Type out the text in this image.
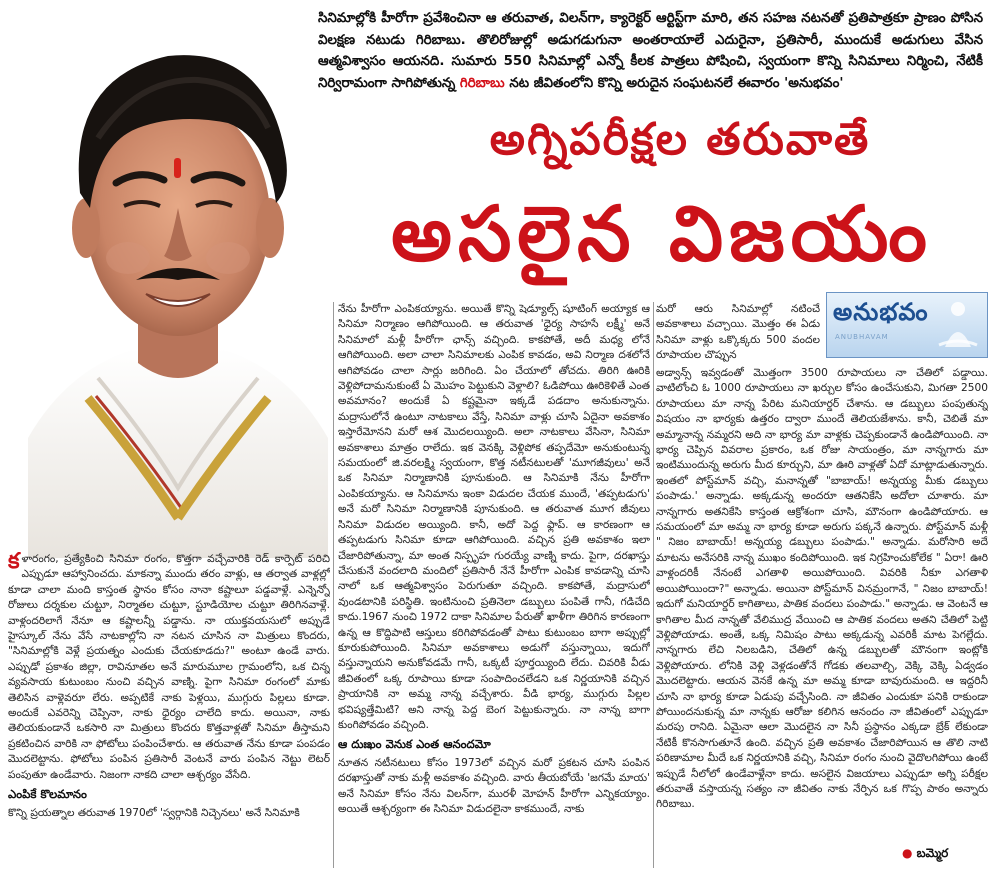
సినిమాల్లోకి హీరోగా ప్రవేశించినా ఆ తరువాత, విలన్‌గా, క్యారెక్టర్ ఆర్టిస్ట్‌గా మారి, తన సహజ నటనతో ప్రతిపాత్రకూ ప్రాణం పోసిన విలక్షణ నటుడు గిరిబాబు. తొలిరోజుల్లో అడుగడుగునా అంతరాయాలే ఎదురైనా, ప్రతిసారీ, ముందుకే అడుగులు వేసిన ఆత్మవిశ్వాసం ఆయనది. సుమారు 550 సినిమాల్లో ఎన్నో కీలక పాత్రలు పోషించి, స్వయంగా కొన్ని సినిమాలు నిర్మించి, నేటికీ నిర్విరామంగా సాగిపోతున్న గిరిబాబు నట జీవితంలోని కొన్ని అరుదైన సంఘటనలే ఈవారం 'అనుభవం'
అగ్నిపరీక్షల తరువాతే
అసలైన విజయం

కళారంగం, ప్రత్యేకించి సినిమా రంగం, కొత్తగా వచ్చేవారికి రెడ్ కార్పెట్ పరిచి ఎప్పుడూ ఆహ్వానించదు. మాకన్నా ముందు తరం వాళ్లు, ఆ తర్వాత వాళ్లల్లో కూడా చాలా మంది కాస్తంత స్థానం కోసం నానా కష్టాలూ పడ్డవాళ్లే. ఎన్నెన్నో రోజులు దర్శకుల చుట్టూ, నిర్మాతల చుట్టూ, స్టూడియోల చుట్టూ తిరిగినవాళ్లే. వాళ్లందరిలాగే నేనూ ఆ కష్టాలన్నీ పడ్డాను. నా యుక్తవయసులో అప్పుడే హైస్కూల్ నేను వేసే నాటకాల్లోని నా నటన చూసిన నా మిత్రులు కొందరు, "సినిమాల్లోకి వెళ్లే ప్రయత్నం ఎందుకు చేయకూడదు?" అంటూ ఉండే వారు. ఎప్పుడో ప్రకాశం జిల్లా, రావినూతల అనే మారుమూల గ్రామంలోని, ఒక చిన్న వ్యవసాయ కుటుంబం నుంచి వచ్చిన వాణ్ని. పైగా సినిమా రంగంలో మాకు తెలిసిన వాళ్లెవరూ లేరు. అప్పటికే నాకు పెళ్లయి, ముగ్గురు పిల్లలు కూడా. అందుకే ఎవరెన్ని చెప్పినా, నాకు ధైర్యం చాలేది కాదు. అయినా, నాకు తెలియకుండానే ఒకసారి నా మిత్రులు కొందరు కొత్తవాళ్లతో సినిమా తీస్తామని ప్రకటించిన వారికి నా ఫోటోలు పంపించేశారు. ఆ తరువాత నేను కూడా పంపడం మొదలెట్టాను. ఫోటోలు పంపిన ప్రతిసారీ వెంటనే వారు పంపిన నెట్టు లెటర్ పంపుతూ ఉండేవారు. నిజంగా నాకది చాలా ఆశ్చర్యం వేసేది.

ఎంపికే కొలమానం

కొన్ని ప్రయత్నాల తరువాత 1970లో 'స్వర్గానికి నిచ్చెనలు' అనే సినిమాకి

నేను హీరోగా ఎంపికయ్యాను. అయితే కొన్ని షెడ్యూల్స్ షూటింగ్ అయ్యాక ఆ సినిమా నిర్మాణం ఆగిపోయింది. ఆ తరువాత 'ధైర్య సాహసే లక్ష్మీ' అనే సినిమాలో మళ్లీ హీరోగా ఛాన్స్ వచ్చింది. కాకపోతే, అదీ మధ్య లోనే ఆగిపోయింది. అలా చాలా సినిమాలకు ఎంపిక కావడం, అవి నిర్మాణ దశలోనే ఆగిపోవడం చాలా సార్లు జరిగింది. ఏం చేయాలో తోచదు. తిరిగి ఊరికి వెళ్లిపోదామనుకుంటే ఏ మొహం పెట్టుకుని వెళ్లాలి? ఓడిపోయి ఊరికెళితే ఎంత అవమానం? అందుకే ఏ కష్టమైనా ఇక్కడే పడదాం అనుకున్నాను. మద్రాసులోనే ఉంటూ నాటకాలు వేస్తే, సినిమా వాళ్లు చూసి ఏదైనా అవకాశం ఇస్తారేమోనని మరో ఆశ మొదలయ్యింది. అలా నాటకాలు వేసినా, సినిమా అవకాశాలు మాత్రం రాలేదు. ఇక వెనక్కి వెళ్లిపోక తప్పదేమో అనుకుంటున్న సమయంలో జి.వరలక్ష్మి స్వయంగా, కొత్త నటీనటులతో 'మూగజీవులు' అనే ఒక సినిమా నిర్మాణానికి పూనుకుంది. ఆ సినిమాకి నేను హీరోగా ఎంపికయ్యాను. ఆ సినిమాను ఇంకా విడుదల చేయక ముందే, 'తప్పటడుగు' అనే మరో సినిమా నిర్మాణానికి పూనుకుంది. ఆ తరువాత మూగ జీవులు సినిమా విడుదల అయ్యింది. కానీ, అదో పెద్ద ఫ్లాప్. ఆ కారణంగా ఆ తప్పటడుగు సినిమా కూడా ఆగిపోయింది. వచ్చిన ప్రతి అవకాశం ఇలా చేజారిపోతున్నా, మా అంత నిస్పృహ గురయ్యే వాణ్ని కాదు. పైగా, దరఖాస్తు చేసుకునే వందలాది మందిలో ప్రతిసారీ నేనే హీరోగా ఎంపిక కావడాన్ని చూసి నాలో ఒక ఆత్మవిశ్వాసం పెరుగుతూ వచ్చింది. కాకపోతే, మద్రాసులో వుండటానికి పరిస్థితి. ఇంటినుంచి ప్రతినెలా డబ్బులు పంపితే గానీ, గడిచేది కాదు.1967 నుంచి 1972 దాకా సినిమాల పేరుతో ఖాళీగా తిరిగిన కారణంగా ఉన్న ఆ కొద్దిపాటి ఆస్తులు కరిగిపోవడంతో పాటు కుటుంబం బాగా అప్పుల్లో కూరుకుపోయింది. సినిమా అవకాశాలు అడుగో వస్తున్నాయి, ఇదుగో వస్తున్నాయని అనుకోవడమే గానీ, ఒక్కటీ పూర్తయ్యింది లేదు. చివరికి వీడు జీవితంలో ఒక్క రూపాయి కూడా సంపాదించలేడని ఒక నిర్ణయానికి వచ్చిన ప్రాయానికి నా అమ్మ నాన్న వచ్చేశారు. వీడి భార్య, ముగ్గురు పిల్లల భవిష్యత్తేమిటి? అని నాన్న పెద్ద బెంగ పెట్టుకున్నారు. నా నాన్న బాగా కుంగిపోవడం వచ్చింది.

ఆ దుఃఖం వెనుక ఎంత ఆనందమో

నూతన నటీనటులు కోసం 1973లో వచ్చిన మరో ప్రకటన చూసి పంపిన దరఖాస్తుతో నాకు మళ్లీ అవకాశం వచ్చింది. వారు తీయబోయే 'జగమే మాయ' అనే సినిమా కోసం నేను విలన్‌గా, మురళీ మోహన్ హీరోగా ఎన్నికయ్యాం. అయితే ఆశ్చర్యంగా ఈ సినిమా విడుదలైనా కాకముందే, నాకు

మరో ఆరు సినిమాల్లో నటించే అవకాశాలు వచ్చాయి. మొత్తం ఈ ఏడు సినిమా వాళ్లు ఒక్కొక్కరు 500 వందల రూపాయల చొప్పున

అనుభవం
ANUBHAVAM

అడ్వాన్స్ ఇవ్వడంతో మొత్తంగా 3500 రూపాయలు నా చేతిలో పడ్డాయి. వాటిలోంచి ఓ 1000 రూపాయలు నా ఖర్చుల కోసం ఉంచేసుకుని, మిగతా 2500 రూపాయలు మా నాన్న పేరిట మనియార్డర్ చేశాను. ఆ డబ్బులు పంపుతున్న విషయం నా భార్యకు ఉత్తరం ద్వారా ముందే తెలియజేశాను. కానీ, చెబితే మా అమ్మానాన్న నమ్మరని అది నా భార్య మా వాళ్లకు చెప్పకుండానే ఉండిపోయింది. నా భార్య చెప్పిన వివరాల ప్రకారం, ఒక రోజు సాయంత్రం, మా నాన్నగారు మా ఇంటిముందున్న అరుగు మీద కూర్చుని, మా ఊరి వాళ్లతో ఏదో మాట్లాడుతున్నారు. ఇంతలో పోస్ట్‌మాన్ వచ్చి, మనాన్నతో "బాబాయ్! అన్నయ్య మీకు డబ్బులు పంపాడు.' అన్నాడు. అక్కడున్న అందరూ ఆతనికేసి అదోలా చూశారు. మా నాన్నగారు అతనికేసి కాస్తంత ఆక్రోశంగా చూసి, మౌనంగా ఉండిపోయారు. ఆ సమయంలో మా అమ్మ నా భార్య కూడా అరుగు పక్కనే ఉన్నారు. పోస్ట్‌మాన్ మళ్లీ " నిజం బాబాయ్! అన్నయ్య డబ్బులు పంపాడు." అన్నాడు. మరోసారి అదే మాటను అనేసరికి నాన్న ముఖం కందిపోయింది. ఇక నిగ్రహించుకోలేక " ఏరా! ఊరి వాళ్లందరికీ నేనంటే ఎగతాళి అయిపోయింది. వివరికి నీకూ ఎగతాళి అయిపోయిందా?" అన్నాడు. అయినా పోస్ట్‌మాన్ వినమ్రంగానే, " నిజం బాబాయ్! ఇదుగో మనియార్డర్ కాగితాలు, పాతిక వందలు పంపాడు." అన్నాడు. ఆ వెంటనే ఆ కాగితాల మీద నాన్నతో వేలిముద్ర వేయించి ఆ పాతిక వందలు అతని చేతిలో పెట్టి వెళ్లిపోయాడు. అంతే, ఒక్క నిమిషం పాటు అక్కడున్న ఎవరికీ మాట పెగల్లేదు. నాన్నగారు లేచి నిలబడిని, చేతిలో ఉన్న డబ్బులతో మౌనంగా ఇంట్లోకి వెళ్లిపోయారు. లోనికి వెళ్లి వెళ్లడంతోనే గోడకు తలవాల్చి, వెక్కి వెక్కి ఏడ్వడం మొదలెట్టారు. ఆయన వెనకే ఉన్న మా అమ్మ కూడా బావురుమంది. ఆ ఇద్దరినీ చూసి నా భార్య కూడా ఏడుపు వచ్చేసింది. నా జీవితం ఎందుకూ పనికి రాకుండా పోయిందనుకున్న మా నాన్నకు ఆరోజు కలిగిన ఆనందం నా జీవితంలో ఎప్పుడూ మరపు రానిది. ఏమైనా ఆలా మొదలైన నా సినీ ప్రస్థానం ఎక్కడా బ్రేక్ లేకుండా నేటికీ కొనసాగుతూనే ఉంది. వచ్చిన ప్రతి అవకాశం చేజారిపోయిన ఆ తొలి నాటి పరిణామాల మీదే ఒక నిర్ణయానికి వచ్చి, సినిమా రంగం నుంచి వైదొలగిపోయి ఉంటే ఇప్పుడే నీలోలో ఉండేవాళ్లేనా కాదు. అసలైన విజయాలు ఎప్పుడూ అగ్ని పరీక్షల తరువాతే వస్తాయన్న సత్యం నా జీవితం నాకు నేర్పిన ఒక గొప్ప పాఠం అన్నారు గిరిబాబు.

● బమ్మెర
